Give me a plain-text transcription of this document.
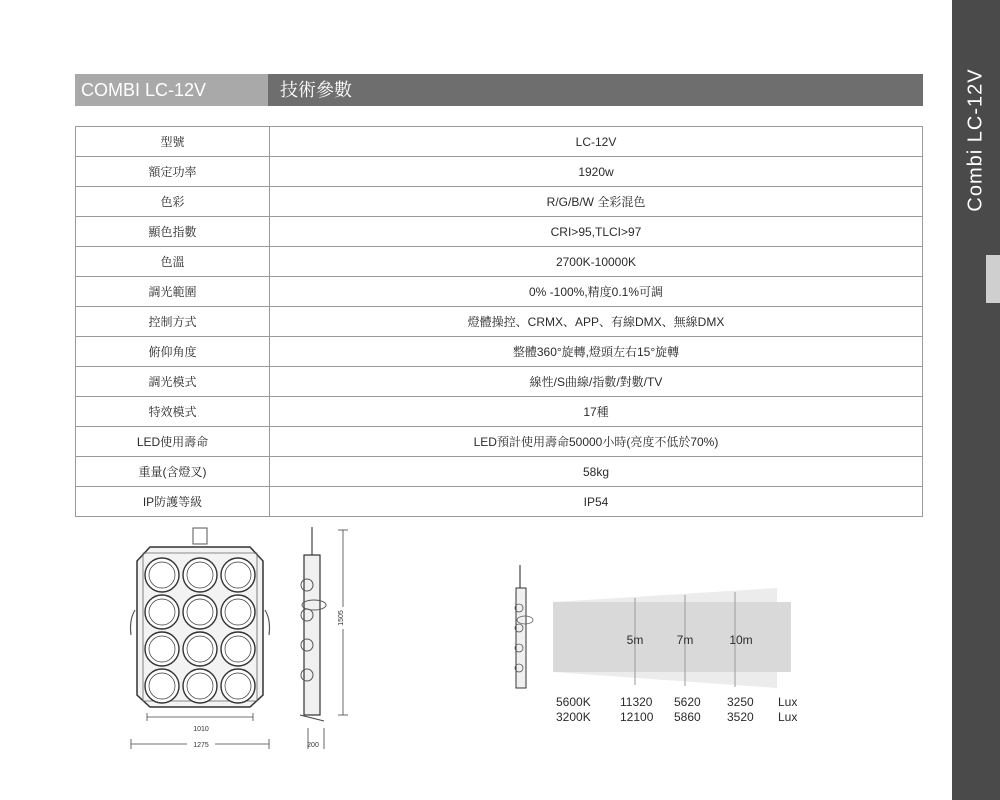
Combi LC-12V
COMBI LC-12V	技術參數
型號	LC-12V
額定功率	1920w
色彩	R/G/B/W 全彩混色
顯色指數	CRI>95,TLCI>97
色溫	2700K-10000K
調光範圍	0% -100%,精度0.1%可調
控制方式	燈體操控、CRMX、APP、有線DMX、無線DMX
俯仰角度	整體360°旋轉,燈頭左右15°旋轉
調光模式	線性/S曲線/指數/對數/TV
特效模式	17種
LED使用壽命	LED預計使用壽命50000小時(亮度不低於70%)
重量(含燈叉)	58kg
IP防護等級	IP54
1010
1275
1505
200
5m	7m	10m
5600K 11320 5620 3250 Lux
3200K 12100 5860 3520 Lux
